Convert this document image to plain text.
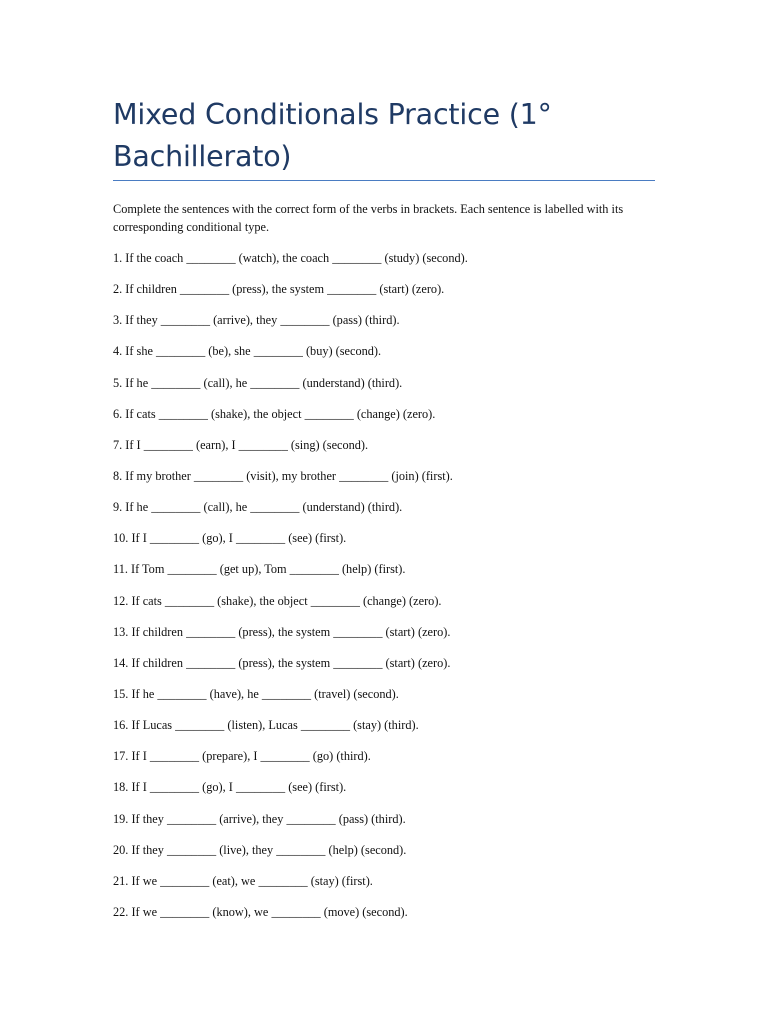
Mixed Conditionals Practice (1° Bachillerato)

Complete the sentences with the correct form of the verbs in brackets. Each sentence is labelled with its corresponding conditional type.

1. If the coach ________ (watch), the coach ________ (study) (second).
2. If children ________ (press), the system ________ (start) (zero).
3. If they ________ (arrive), they ________ (pass) (third).
4. If she ________ (be), she ________ (buy) (second).
5. If he ________ (call), he ________ (understand) (third).
6. If cats ________ (shake), the object ________ (change) (zero).
7. If I ________ (earn), I ________ (sing) (second).
8. If my brother ________ (visit), my brother ________ (join) (first).
9. If he ________ (call), he ________ (understand) (third).
10. If I ________ (go), I ________ (see) (first).
11. If Tom ________ (get up), Tom ________ (help) (first).
12. If cats ________ (shake), the object ________ (change) (zero).
13. If children ________ (press), the system ________ (start) (zero).
14. If children ________ (press), the system ________ (start) (zero).
15. If he ________ (have), he ________ (travel) (second).
16. If Lucas ________ (listen), Lucas ________ (stay) (third).
17. If I ________ (prepare), I ________ (go) (third).
18. If I ________ (go), I ________ (see) (first).
19. If they ________ (arrive), they ________ (pass) (third).
20. If they ________ (live), they ________ (help) (second).
21. If we ________ (eat), we ________ (stay) (first).
22. If we ________ (know), we ________ (move) (second).
